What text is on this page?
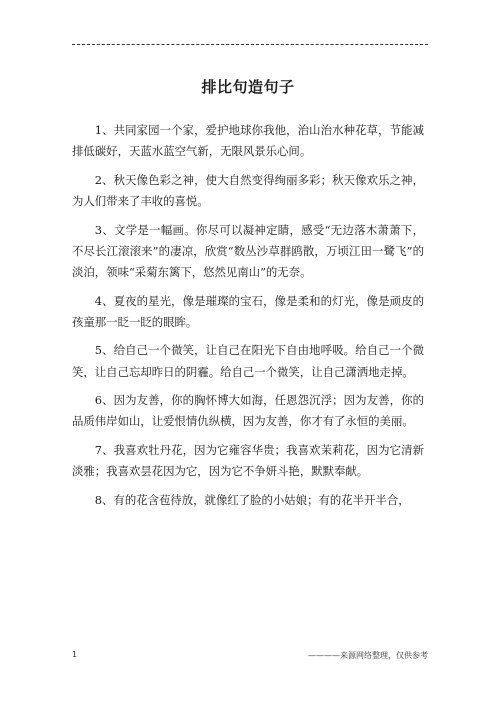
排比句造句子

1、共同家园一个家，爱护地球你我他，治山治水种花草，节能减排低碳好，天蓝水蓝空气新，无限风景乐心间。

2、秋天像色彩之神，使大自然变得绚丽多彩；秋天像欢乐之神，为人们带来了丰收的喜悦。

3、文学是一幅画。你尽可以凝神定睛，感受“无边落木萧萧下，不尽长江滚滚来”的凄凉，欣赏“数丛沙草群鸥散，万顷江田一鹭飞”的淡泊，领味“采菊东篱下，悠然见南山”的无奈。

4、夏夜的星光，像是璀璨的宝石，像是柔和的灯光，像是顽皮的孩童那一眨一眨的眼眸。

5、给自己一个微笑，让自己在阳光下自由地呼吸。给自己一个微笑，让自己忘却昨日的阴霾。给自己一个微笑，让自己潇洒地走掉。

6、因为友善，你的胸怀博大如海，任恩怨沉浮；因为友善，你的品质伟岸如山，让爱恨情仇纵横，因为友善，你才有了永恒的美丽。

7、我喜欢牡丹花，因为它雍容华贵；我喜欢茉莉花，因为它清新淡雅；我喜欢昙花因为它，因为它不争妍斗艳，默默奉献。

8、有的花含苞待放，就像红了脸的小姑娘；有的花半开半合，

1	————来源网络整理，仅供参考
